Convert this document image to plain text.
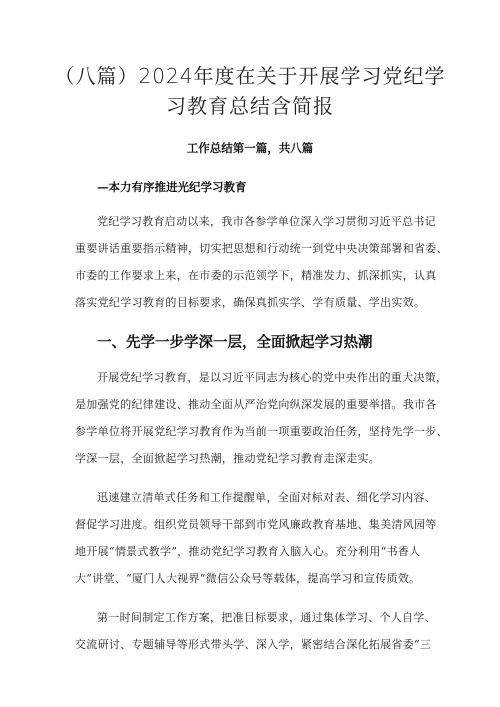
（八篇）2024年度在关于开展学习党纪学
习教育总结含简报
工作总结第一篇，共八篇
—本力有序推进光纪学习教育
党纪学习教育启动以来，我市各参学单位深入学习贯彻习近平总书记
重要讲话重要指示精神，切实把思想和行动统一到党中央决策部署和省委、
市委的工作要求上来，在市委的示范领学下，精准发力、抓深抓实，认真
落实党纪学习教育的目标要求，确保真抓实学、学有质量、学出实效。
一、先学一步学深一层，全面掀起学习热潮
开展党纪学习教育，是以习近平同志为核心的党中央作出的重大决策，
是加强党的纪律建设、推动全面从严治党向纵深发展的重要举措。我市各
参学单位将开展党纪学习教育作为当前一项重要政治任务，坚持先学一步、
学深一层，全面掀起学习热潮，推动党纪学习教育走深走实。
迅速建立清单式任务和工作提醒单，全面对标对表、细化学习内容、
督促学习进度。组织党员领导干部到市党风廉政教育基地、集美清风园等
地开展“情景式教学”，推动党纪学习教育入脑入心。充分利用“书香人
大”讲堂、“厦门人大视界”微信公众号等载体，提高学习和宣传质效。
第一时间制定工作方案，把准目标要求，通过集体学习、个人自学、
交流研讨、专题辅导等形式带头学、深入学，紧密结合深化拓展省委“三
